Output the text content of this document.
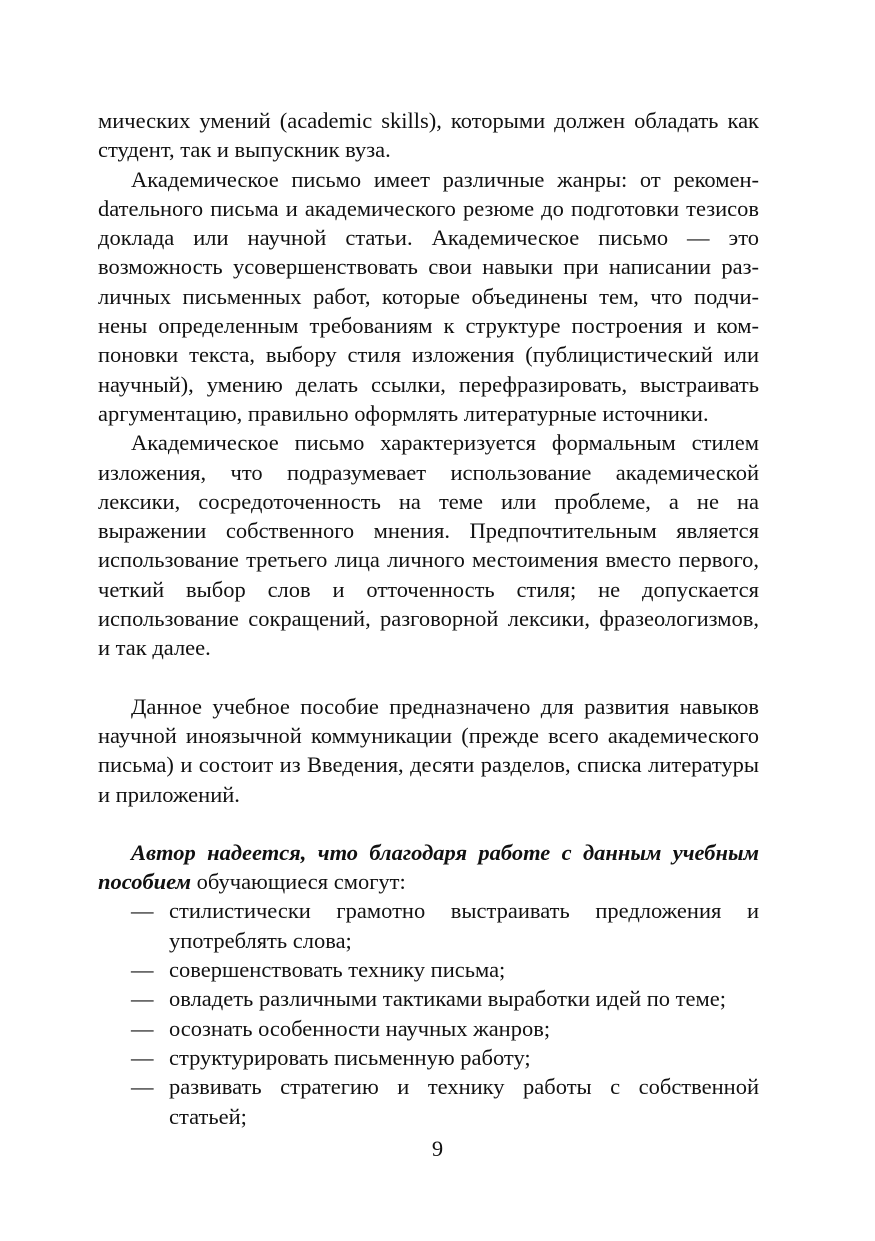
мических умений (academic skills), которыми должен обладать как студент, так и выпускник вуза.

Академическое письмо имеет различные жанры: от рекоменdательного письма и академического резюме до подготовки тезисов доклада или научной статьи. Академическое письмо — это возможность усовершенствовать свои навыки при написании различных письменных работ, которые объединены тем, что подчинены определенным требованиям к структуре построения и компоновки текста, выбору стиля изложения (публицистический или научный), умению делать ссылки, перефразировать, выстраивать аргументацию, правильно оформлять литературные источники.

Академическое письмо характеризуется формальным стилем изложения, что подразумевает использование академической лексики, сосредоточенность на теме или проблеме, а не на выражении собственного мнения. Предпочтительным является использование третьего лица личного местоимения вместо первого, четкий выбор слов и отточенность стиля; не допускается использование сокращений, разговорной лексики, фразеологизмов, и так далее.

Данное учебное пособие предназначено для развития навыков научной иноязычной коммуникации (прежде всего академического письма) и состоит из Введения, десяти разделов, списка литературы и приложений.

Автор надеется, что благодаря работе с данным учебным пособием обучающиеся смогут:

— стилистически грамотно выстраивать предложения и употреблять слова;
— совершенствовать технику письма;
— овладеть различными тактиками выработки идей по теме;
— осознать особенности научных жанров;
— структурировать письменную работу;
— развивать стратегию и технику работы с собственной статьей;
9
